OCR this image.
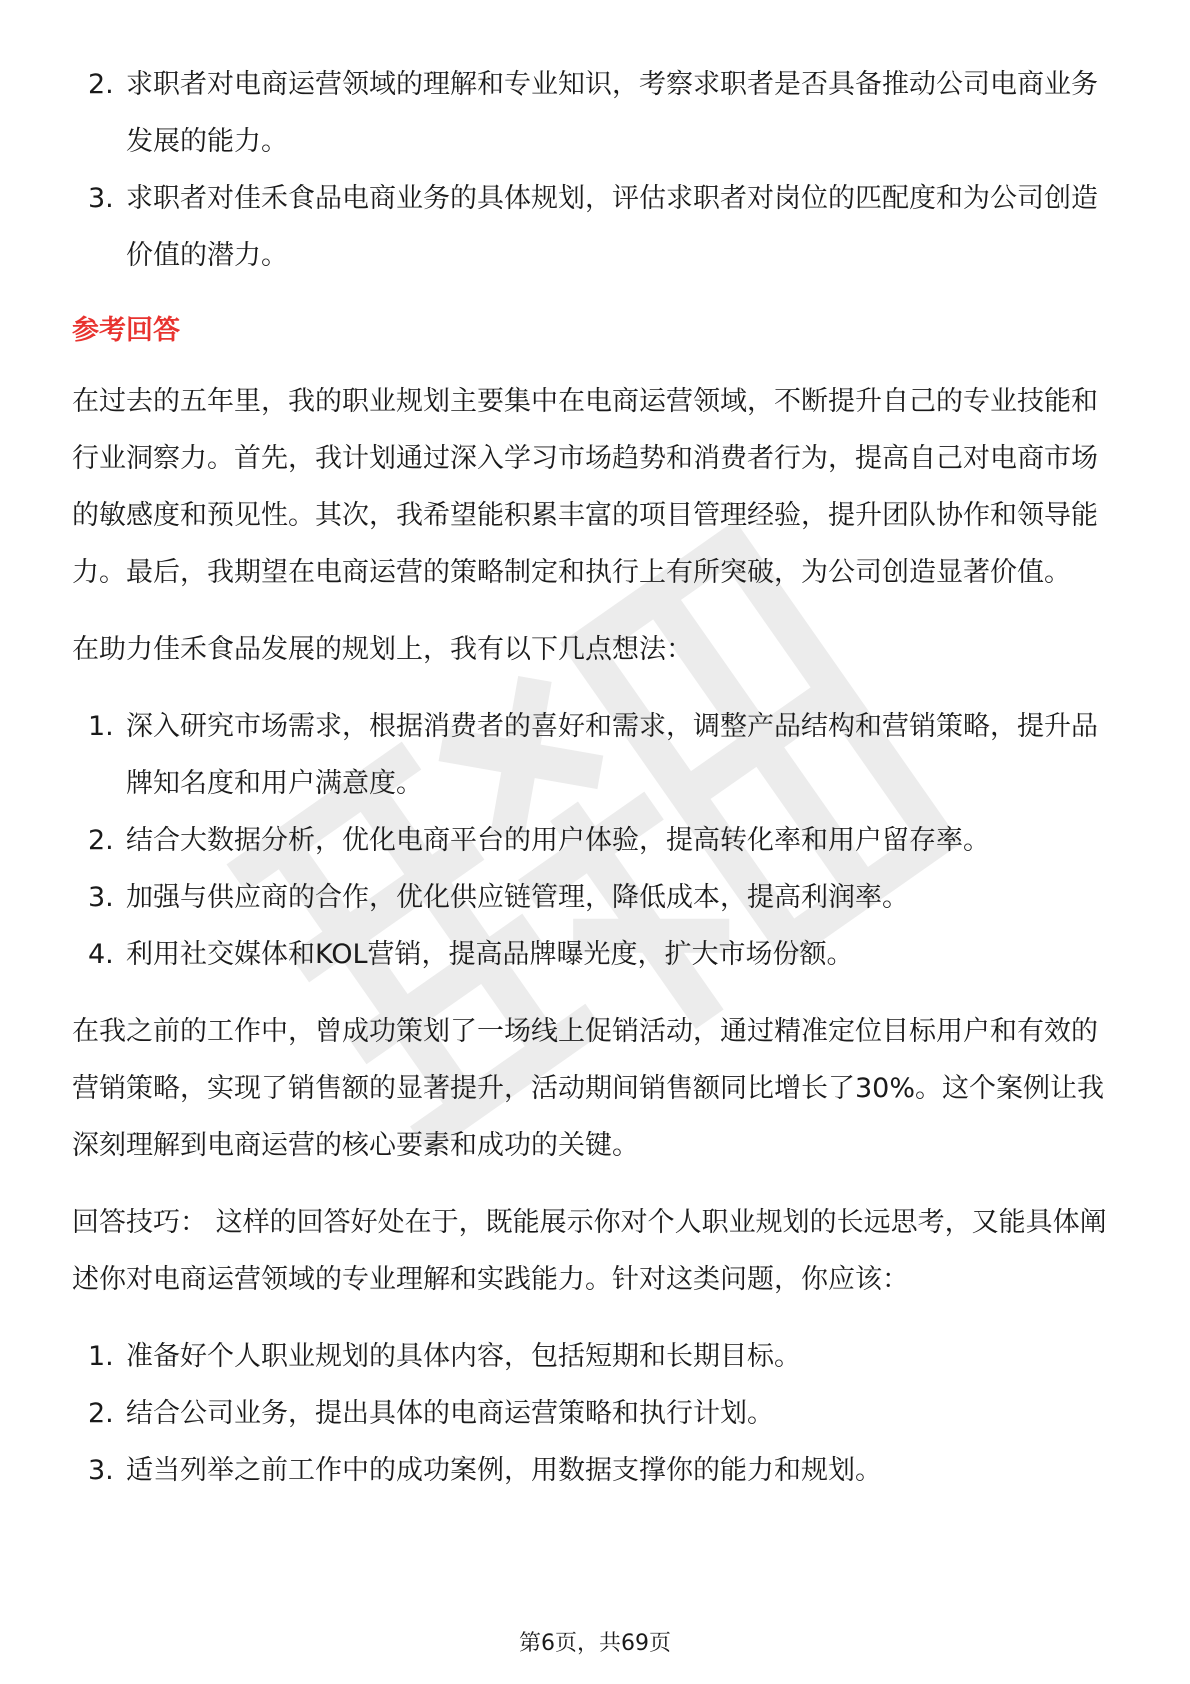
2. 求职者对电商运营领域的理解和专业知识，考察求职者是否具备推动公司电商业务发展的能力。
3. 求职者对佳禾食品电商业务的具体规划，评估求职者对岗位的匹配度和为公司创造价值的潜力。
参考回答

在过去的五年里，我的职业规划主要集中在电商运营领域，不断提升自己的专业技能和行业洞察力。首先，我计划通过深入学习市场趋势和消费者行为，提高自己对电商市场的敏感度和预见性。其次，我希望能积累丰富的项目管理经验，提升团队协作和领导能力。最后，我期望在电商运营的策略制定和执行上有所突破，为公司创造显著价值。

在助力佳禾食品发展的规划上，我有以下几点想法：

1. 深入研究市场需求，根据消费者的喜好和需求，调整产品结构和营销策略，提升品牌知名度和用户满意度。
2. 结合大数据分析，优化电商平台的用户体验，提高转化率和用户留存率。
3. 加强与供应商的合作，优化供应链管理，降低成本，提高利润率。
4. 利用社交媒体和KOL营销，提高品牌曝光度，扩大市场份额。

在我之前的工作中，曾成功策划了一场线上促销活动，通过精准定位目标用户和有效的营销策略，实现了销售额的显著提升，活动期间销售额同比增长了30%。这个案例让我深刻理解到电商运营的核心要素和成功的关键。

回答技巧： 这样的回答好处在于，既能展示你对个人职业规划的长远思考，又能具体阐述你对电商运营领域的专业理解和实践能力。针对这类问题，你应该：

1. 准备好个人职业规划的具体内容，包括短期和长期目标。
2. 结合公司业务，提出具体的电商运营策略和执行计划。
3. 适当列举之前工作中的成功案例，用数据支撑你的能力和规划。
第6页，共69页
